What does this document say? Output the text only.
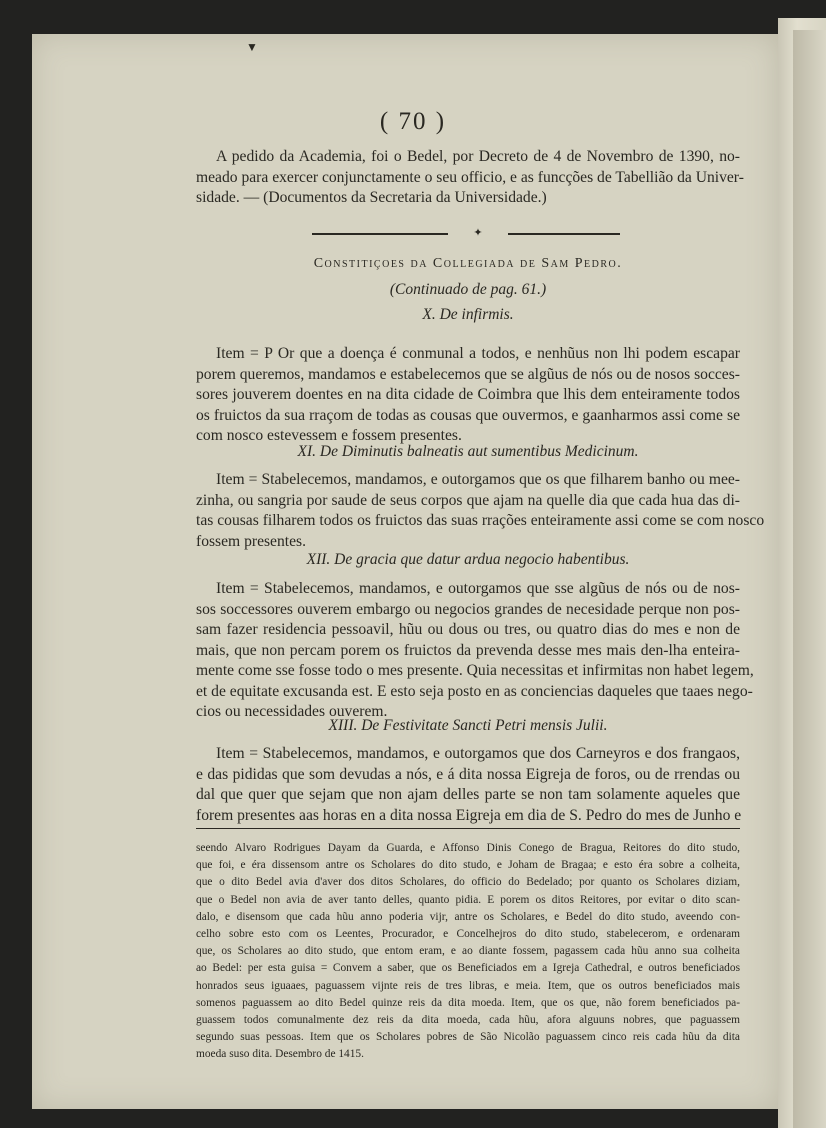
▼
( 70 )
A pedido da Academia, foi o Bedel, por Decreto de 4 de Novembro de 1390, no-
meado para exercer conjunctamente o seu officio, e as funcções de Tabellião da Univer-
sidade. — (Documentos da Secretaria da Universidade.)
✦
Constitiçoes da Collegiada de Sam Pedro.
(Continuado de pag. 61.)
X. De infirmis.
Item = P Or que a doença é conmunal a todos, e nenhũus non lhi podem escapar
porem queremos, mandamos e estabelecemos que se algũus de nós ou de nosos socces-
sores jouverem doentes en na dita cidade de Coimbra que lhis dem enteiramente todos
os fruictos da sua rraçom de todas as cousas que ouvermos, e gaanharmos assi come se
com nosco estevessem e fossem presentes.
XI. De Diminutis balneatis aut sumentibus Medicinum.
Item = Stabelecemos, mandamos, e outorgamos que os que filharem banho ou mee-
zinha, ou sangria por saude de seus corpos que ajam na quelle dia que cada hua das di-
tas cousas filharem todos os fruictos das suas rrações enteiramente assi come se com nosco
fossem presentes.
XII. De gracia que datur ardua negocio habentibus.
Item = Stabelecemos, mandamos, e outorgamos que sse algũus de nós ou de nos-
sos soccessores ouverem embargo ou negocios grandes de necesidade perque non pos-
sam fazer residencia pessoavil, hũu ou dous ou tres, ou quatro dias do mes e non de
mais, que non percam porem os fruictos da prevenda desse mes mais den-lha enteira-
mente come sse fosse todo o mes presente. Quia necessitas et infirmitas non habet legem,
et de equitate excusanda est. E esto seja posto en as conciencias daqueles que taaes nego-
cios ou necessidades ouverem.
XIII. De Festivitate Sancti Petri mensis Julii.
Item = Stabelecemos, mandamos, e outorgamos que dos Carneyros e dos frangaos,
e das pididas que som devudas a nós, e á dita nossa Eigreja de foros, ou de rrendas ou
dal que quer que sejam que non ajam delles parte se non tam solamente aqueles que
forem presentes aas horas en a dita nossa Eigreja em dia de S. Pedro do mes de Junho e
seendo Alvaro Rodrigues Dayam da Guarda, e Affonso Dinis Conego de Bragua, Reitores do dito studo,
que foi, e éra dissensom antre os Scholares do dito studo, e Joham de Bragaa; e esto éra sobre a colheita,
que o dito Bedel avia d'aver dos ditos Scholares, do officio do Bedelado; por quanto os Scholares diziam,
que o Bedel non avia de aver tanto delles, quanto pidia. E porem os ditos Reitores, por evitar o dito scan-
dalo, e disensom que cada hũu anno poderia vijr, antre os Scholares, e Bedel do dito studo, aveendo con-
celho sobre esto com os Leentes, Procurador, e Concelhejros do dito studo, stabelecerom, e ordenaram
que, os Scholares ao dito studo, que entom eram, e ao diante fossem, pagassem cada hũu anno sua colheita
ao Bedel: per esta guisa = Convem a saber, que os Beneficiados em a Igreja Cathedral, e outros beneficiados
honrados seus iguaaes, paguassem vijnte reis de tres libras, e meia. Item, que os outros beneficiados mais
somenos paguassem ao dito Bedel quinze reis da dita moeda. Item, que os que, não forem beneficiados pa-
guassem todos comunalmente dez reis da dita moeda, cada hũu, afora alguuns nobres, que paguassem
segundo suas pessoas. Item que os Scholares pobres de São Nicolão paguassem cinco reis cada hũu da dita
moeda suso dita. Desembro de 1415.
